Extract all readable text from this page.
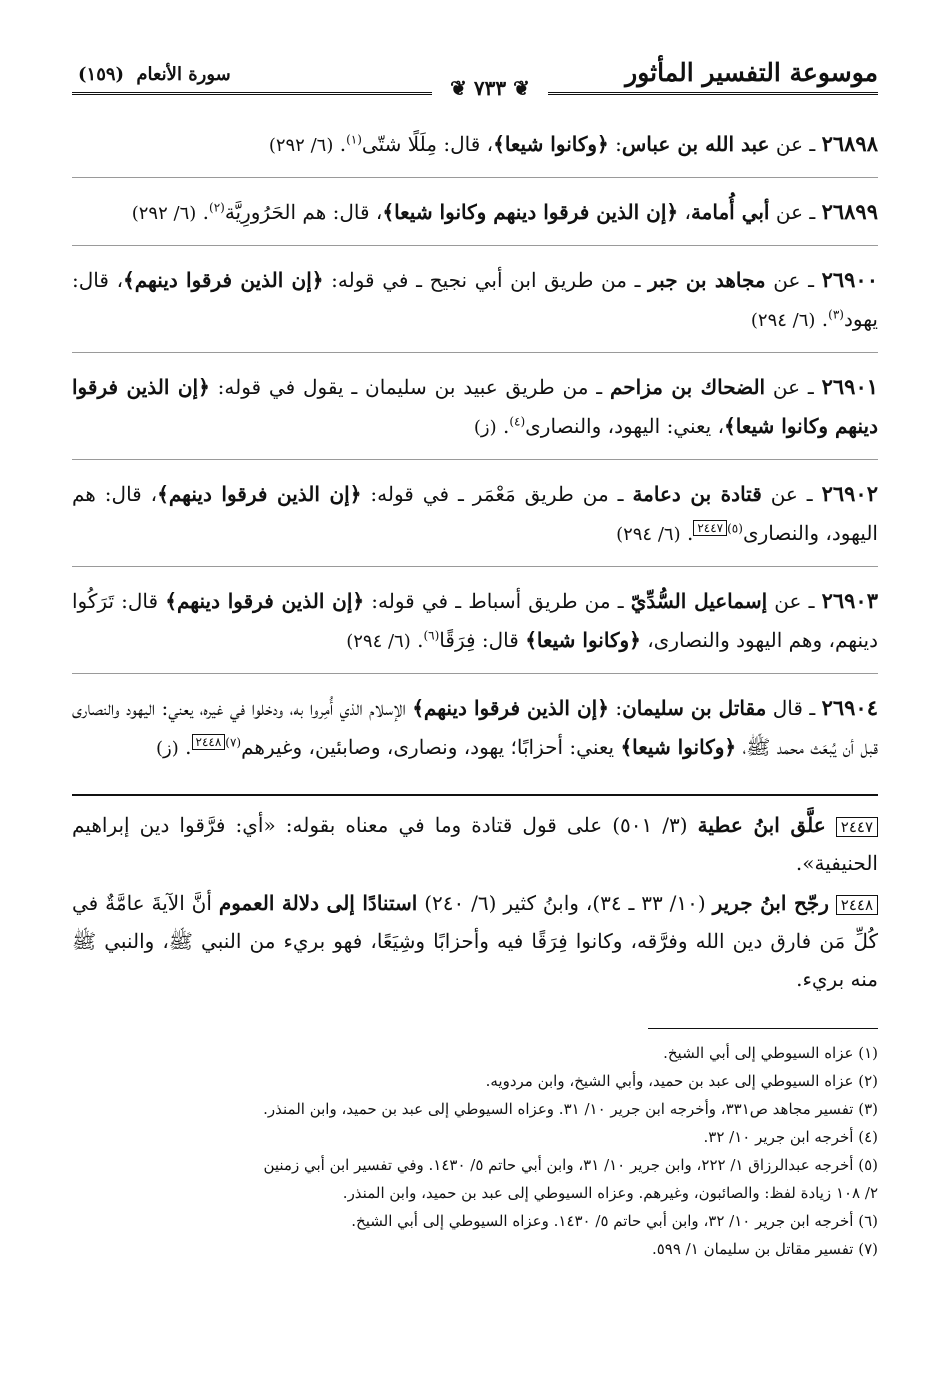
موسوعة التفسير المأثور
سورة الأنعام (١٥٩)
❦ ٧٣٣ ❦

٢٦٨٩٨ ـ عن عبد الله بن عباس: ﴿وكانوا شيعا﴾، قال: مِلَلًا شتّى$^{(١)}$. (٦/ ٢٩٢)

٢٦٨٩٩ ـ عن أبي أُمامة، ﴿إن الذين فرقوا دينهم وكانوا شيعا﴾، قال: هم الحَرُورِيَّة$^{(٢)}$. (٦/ ٢٩٢)

٢٦٩٠٠ ـ عن مجاهد بن جبر ـ من طريق ابن أبي نجيح ـ في قوله: ﴿إن الذين فرقوا دينهم﴾، قال: يهود$^{(٣)}$. (٦/ ٢٩٤)

٢٦٩٠١ ـ عن الضحاك بن مزاحم ـ من طريق عبيد بن سليمان ـ يقول في قوله: ﴿إن الذين فرقوا دينهم وكانوا شيعا﴾، يعني: اليهود، والنصارى$^{(٤)}$. (ز)

٢٦٩٠٢ ـ عن قتادة بن دعامة ـ من طريق مَعْمَر ـ في قوله: ﴿إن الذين فرقوا دينهم﴾، قال: هم اليهود، والنصارى$^{(٥)}$٢٤٤٧. (٦/ ٢٩٤)

٢٦٩٠٣ ـ عن إسماعيل السُّدِّيّ ـ من طريق أسباط ـ في قوله: ﴿إن الذين فرقوا دينهم﴾ قال: تَرَكُوا دينهم، وهم اليهود والنصارى، ﴿وكانوا شيعا﴾ قال: فِرَقًا$^{(٦)}$. (٦/ ٢٩٤)

٢٦٩٠٤ ـ قال مقاتل بن سليمان: ﴿إن الذين فرقوا دينهم﴾ الإسلام الذي أُمِروا به، ودخلوا في غيره، يعني: اليهود والنصارى قبل أن يُبعَث محمد ﷺ، ﴿وكانوا شيعا﴾ يعني: أحزابًا؛ يهود، ونصارى، وصابئين، وغيرهم$^{(٧)}$٢٤٤٨. (ز)

٢٤٤٧ علَّق ابنُ عطية (٣/ ٥٠١) على قول قتادة وما في معناه بقوله: «أي: فرَّقوا دين إبراهيم الحنيفية».

٢٤٤٨ رجّح ابنُ جرير (١٠/ ٣٣ ـ ٣٤)، وابنُ كثير (٦/ ٢٤٠) استنادًا إلى دلالة العموم أنَّ الآيةَ عامَّةٌ في كُلِّ مَن فارق دين الله وفرَّقه، وكانوا فِرَقًا فيه وأحزابًا وشِيَعًا، فهو بريء من النبي ﷺ، والنبي ﷺ منه بريء.

(١) عزاه السيوطي إلى أبي الشيخ.

(٢) عزاه السيوطي إلى عبد بن حميد، وأبي الشيخ، وابن مردويه.

(٣) تفسير مجاهد ص٣٣١، وأخرجه ابن جرير ١٠/ ٣١. وعزاه السيوطي إلى عبد بن حميد، وابن المنذر.

(٤) أخرجه ابن جرير ١٠/ ٣٢.

(٥) أخرجه عبدالرزاق ١/ ٢٢٢، وابن جرير ١٠/ ٣١، وابن أبي حاتم ٥/ ١٤٣٠. وفي تفسير ابن أبي زمنين

٢/ ١٠٨ زيادة لفظ: والصائبون، وغيرهم. وعزاه السيوطي إلى عبد بن حميد، وابن المنذر.

(٦) أخرجه ابن جرير ١٠/ ٣٢، وابن أبي حاتم ٥/ ١٤٣٠. وعزاه السيوطي إلى أبي الشيخ.

(٧) تفسير مقاتل بن سليمان ١/ ٥٩٩.
